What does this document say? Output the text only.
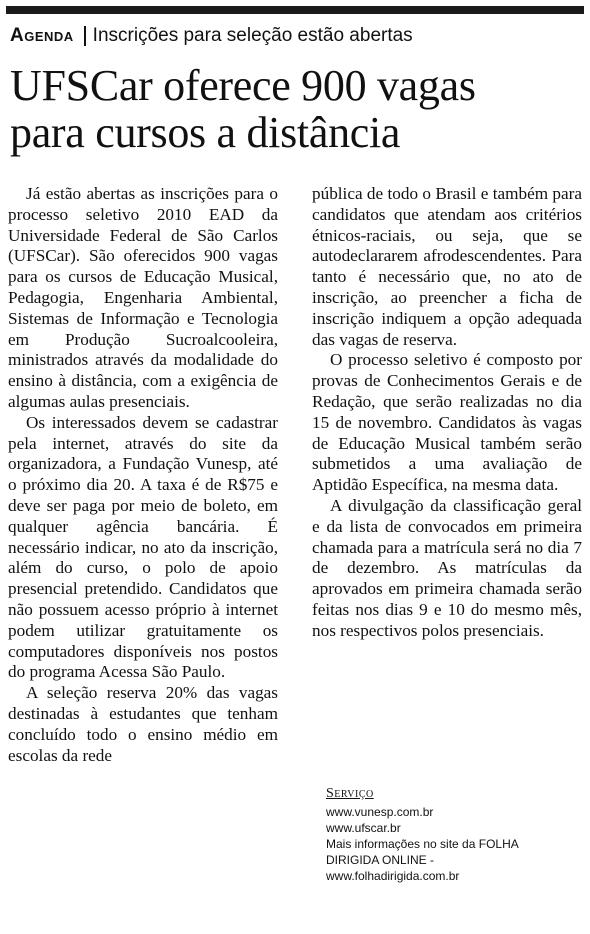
Agenda Inscrições para seleção estão abertas
UFSCar oferece 900 vagas
para cursos a distância

Já estão abertas as inscrições para o processo seletivo 2010 EAD da Universidade Federal de São Carlos (UFSCar). São oferecidos 900 vagas para os cursos de Educação Musical, Pedagogia, Engenharia Ambiental, Sistemas de Informação e Tecnologia em Produção Sucroalcooleira, ministrados através da modalidade do ensino à distância, com a exigência de algumas aulas presenciais.

Os interessados devem se cadastrar pela internet, através do site da organizadora, a Fundação Vunesp, até o próximo dia 20. A taxa é de R$75 e deve ser paga por meio de boleto, em qualquer agência bancária. É necessário indicar, no ato da inscrição, além do curso, o polo de apoio presencial pretendido. Candidatos que não possuem acesso próprio à internet podem utilizar gratuitamente os computadores disponíveis nos postos do programa Acessa São Paulo.

A seleção reserva 20% das vagas destinadas à estudantes que tenham concluído todo o ensino médio em escolas da rede

pública de todo o Brasil e também para candidatos que atendam aos critérios étnicos-raciais, ou seja, que se autodeclararem afrodescendentes. Para tanto é necessário que, no ato de inscrição, ao preencher a ficha de inscrição indiquem a opção adequada das vagas de reserva.

O processo seletivo é composto por provas de Conhecimentos Gerais e de Redação, que serão realizadas no dia 15 de novembro. Candidatos às vagas de Educação Musical também serão submetidos a uma avaliação de Aptidão Específica, na mesma data.

A divulgação da classificação geral e da lista de convocados em primeira chamada para a matrícula será no dia 7 de dezembro. As matrículas da aprovados em primeira chamada serão feitas nos dias 9 e 10 do mesmo mês, nos respectivos polos presenciais.

Serviço
www.vunesp.com.br
www.ufscar.br
Mais informações no site da FOLHA
DIRIGIDA ONLINE -
www.folhadirigida.com.br
